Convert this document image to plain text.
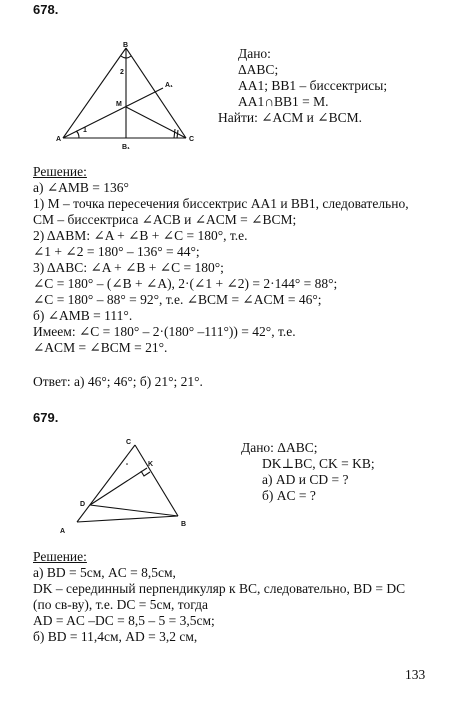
678.
B
A₁
M
A
B₁
C
1
2
Дано:
ΔABC;
AA1; BB1 – биссектрисы;
AA1∩BB1 = M.
Найти: ∠ACM и ∠BCM.
Решение:
а) ∠AMB = 136°
1) M – точка пересечения биссектрис AA1 и BB1, следовательно,
CM – биссектриса ∠ACB и ∠ACM = ∠BCM;
2) ΔABM: ∠A + ∠B + ∠C = 180°, т.е.
∠1 + ∠2 = 180° – 136° = 44°;
3) ΔABC: ∠A + ∠B + ∠C = 180°;
∠C = 180° – (∠B + ∠A), 2·(∠1 + ∠2) = 2·144° = 88°;
∠C = 180° – 88° = 92°, т.е. ∠BCM = ∠ACM = 46°;
б) ∠AMB = 111°.
Имеем: ∠C = 180° – 2·(180° –111°)) = 42°, т.е.
∠ACM = ∠BCM = 21°.
Ответ: а) 46°; 46°; б) 21°; 21°.
679.
C
K
D
A
B
Дано: ΔABC;
DK⊥BC, CK = KB;
а) AD и CD = ?
б) AC = ?
Решение:
а) BD = 5см, AC = 8,5см,
DK – серединный перпендикуляр к BC, следовательно, BD = DC
(по св-ву), т.е. DC = 5см, тогда
AD = AC –DC = 8,5 – 5 = 3,5см;
б) BD = 11,4см, AD = 3,2 см,
133
